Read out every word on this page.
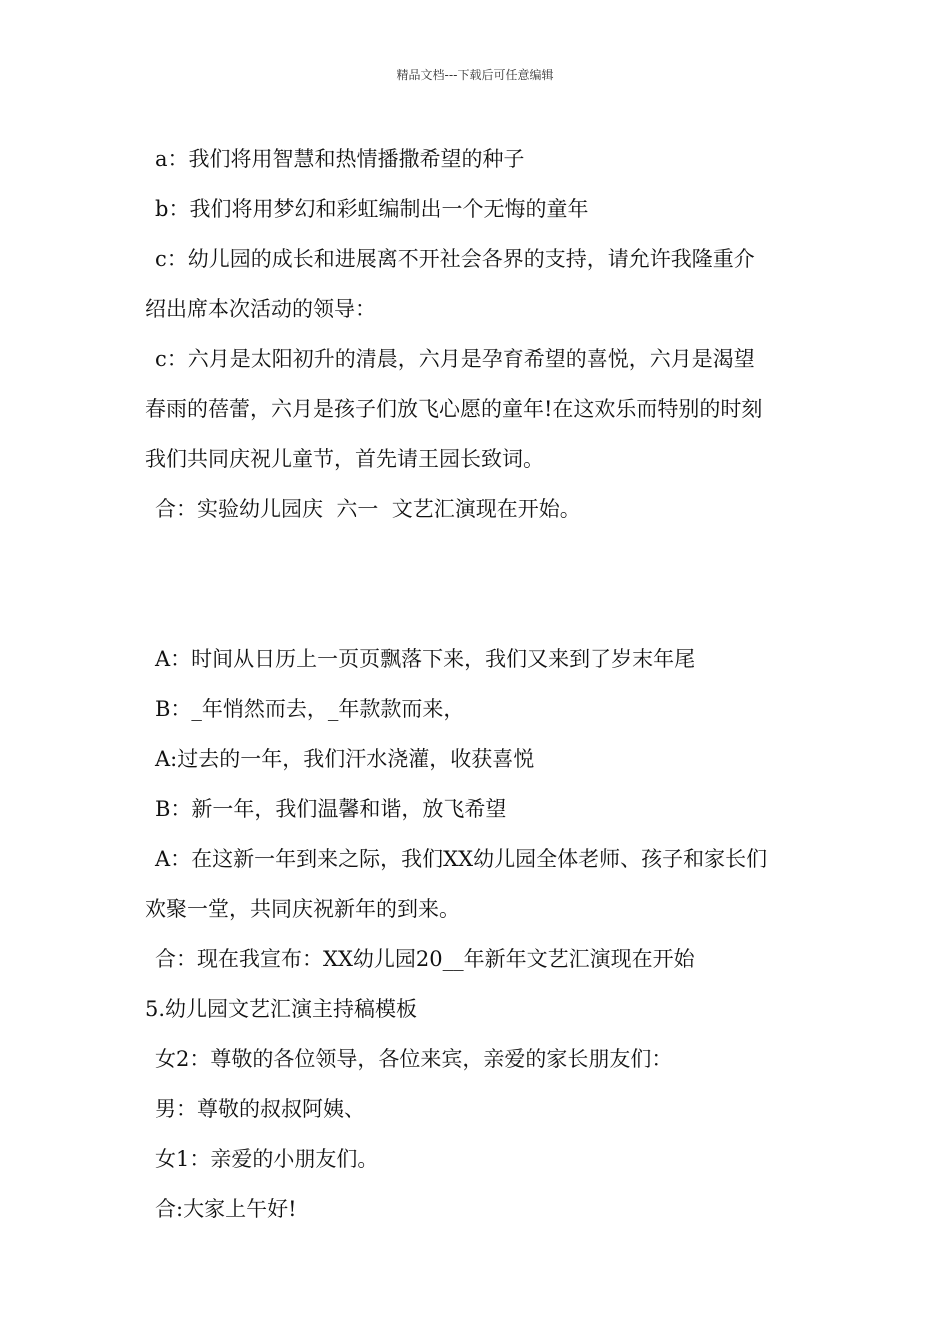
精品文档---下载后可任意编辑

a：我们将用智慧和热情播撒希望的种子

b：我们将用梦幻和彩虹编制出一个无悔的童年

c：幼儿园的成长和进展离不开社会各界的支持，请允许我隆重介

绍出席本次活动的领导：

c：六月是太阳初升的清晨，六月是孕育希望的喜悦，六月是渴望

春雨的蓓蕾，六月是孩子们放飞心愿的童年!在这欢乐而特别的时刻

我们共同庆祝儿童节，首先请王园长致词。

合：实验幼儿园庆  六一  文艺汇演现在开始。

A：时间从日历上一页页飘落下来，我们又来到了岁末年尾

B：_年悄然而去，_年款款而来，

A:过去的一年，我们汗水浇灌，收获喜悦

B：新一年，我们温馨和谐，放飞希望

A：在这新一年到来之际，我们XX幼儿园全体老师、孩子和家长们

欢聚一堂，共同庆祝新年的到来。

合：现在我宣布：XX幼儿园20__年新年文艺汇演现在开始

5.幼儿园文艺汇演主持稿模板

女2：尊敬的各位领导，各位来宾，亲爱的家长朋友们：

男：尊敬的叔叔阿姨、

女1：亲爱的小朋友们。

合:大家上午好!
